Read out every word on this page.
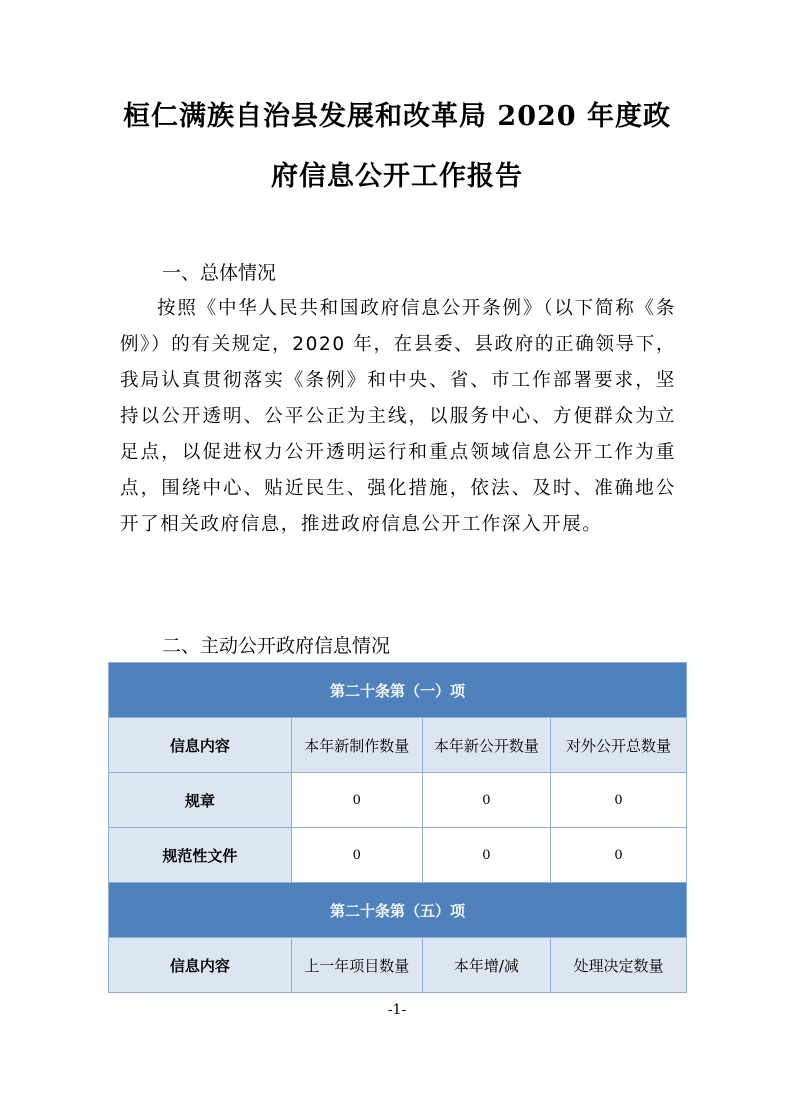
桓仁满族自治县发展和改革局 2020 年度政
府信息公开工作报告
一、总体情况
按照《中华人民共和国政府信息公开条例》（以下简称《条例》）的有关规定，2020 年，在县委、县政府的正确领导下，我局认真贯彻落实《条例》和中央、省、市工作部署要求，坚持以公开透明、公平公正为主线，以服务中心、方便群众为立足点，以促进权力公开透明运行和重点领域信息公开工作为重点，围绕中心、贴近民生、强化措施，依法、及时、准确地公开了相关政府信息，推进政府信息公开工作深入开展。
二、主动公开政府信息情况
第二十条第（一）项			
信息内容	本年新制作数量	本年新公开数量	对外公开总数量
规章	0	0	0
规范性文件	0	0	0
第二十条第（五）项			
信息内容	上一年项目数量	本年增/减	处理决定数量
-1-
